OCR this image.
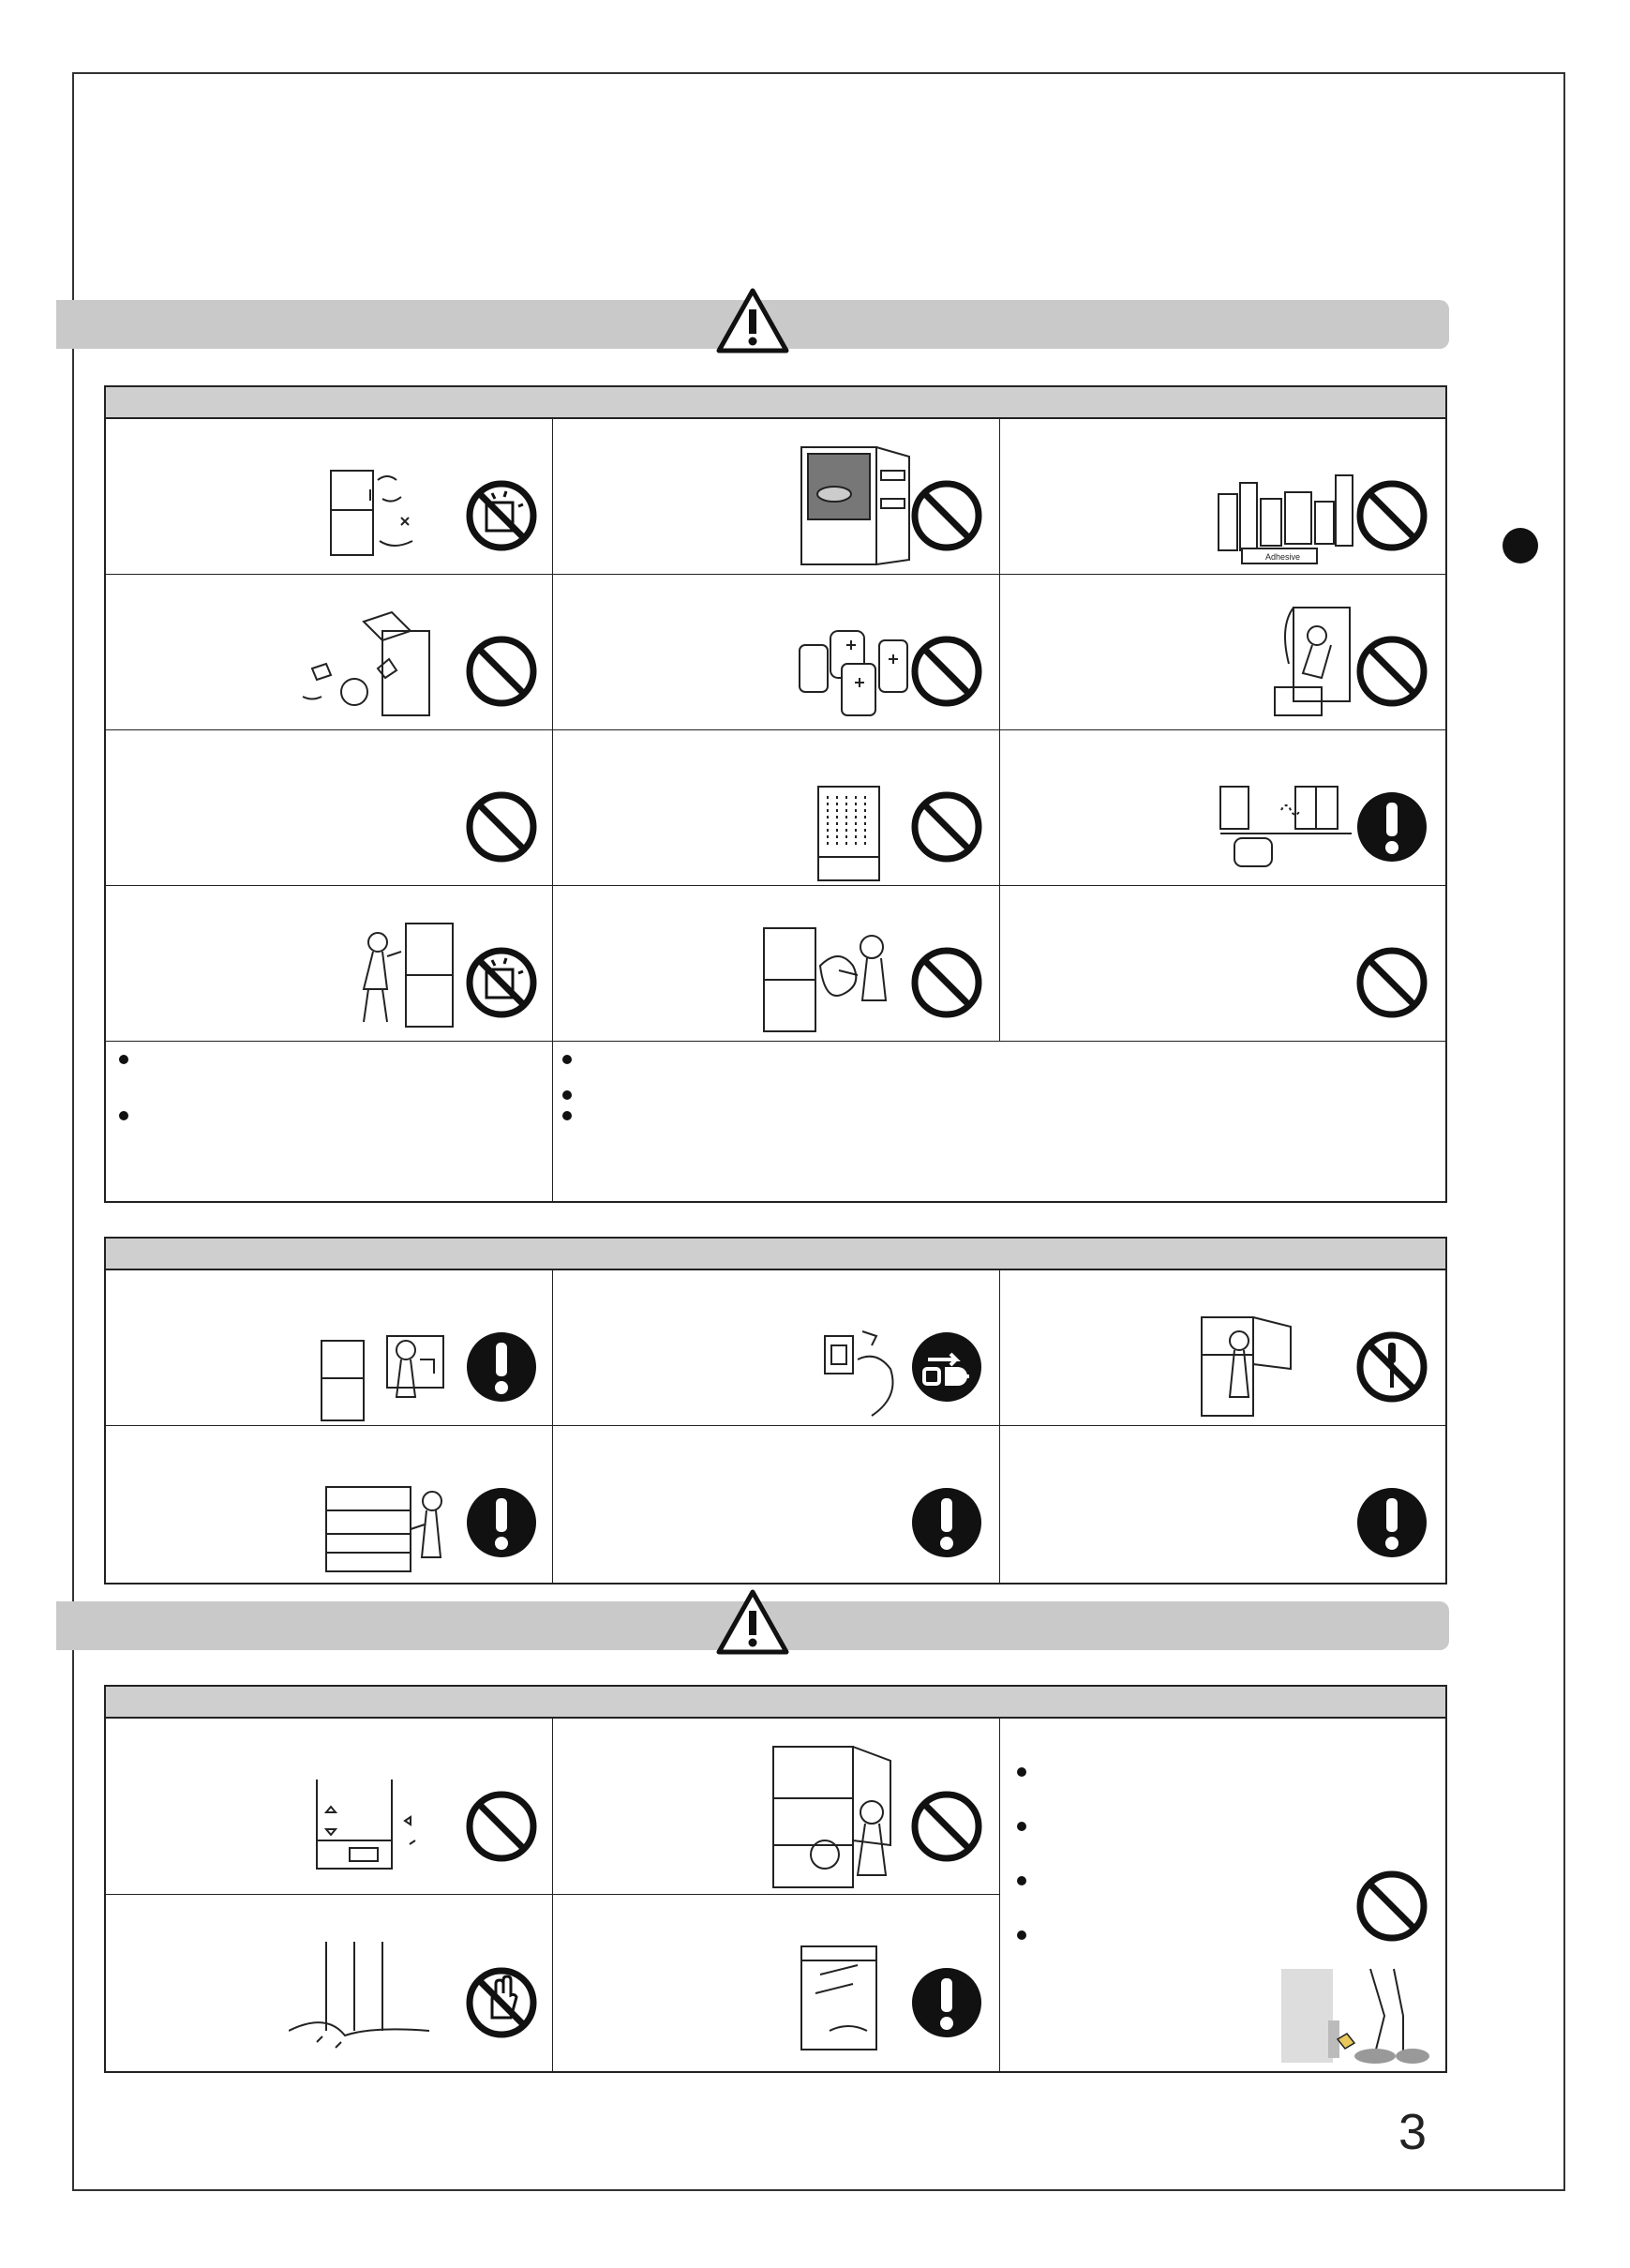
Adhesive
3
